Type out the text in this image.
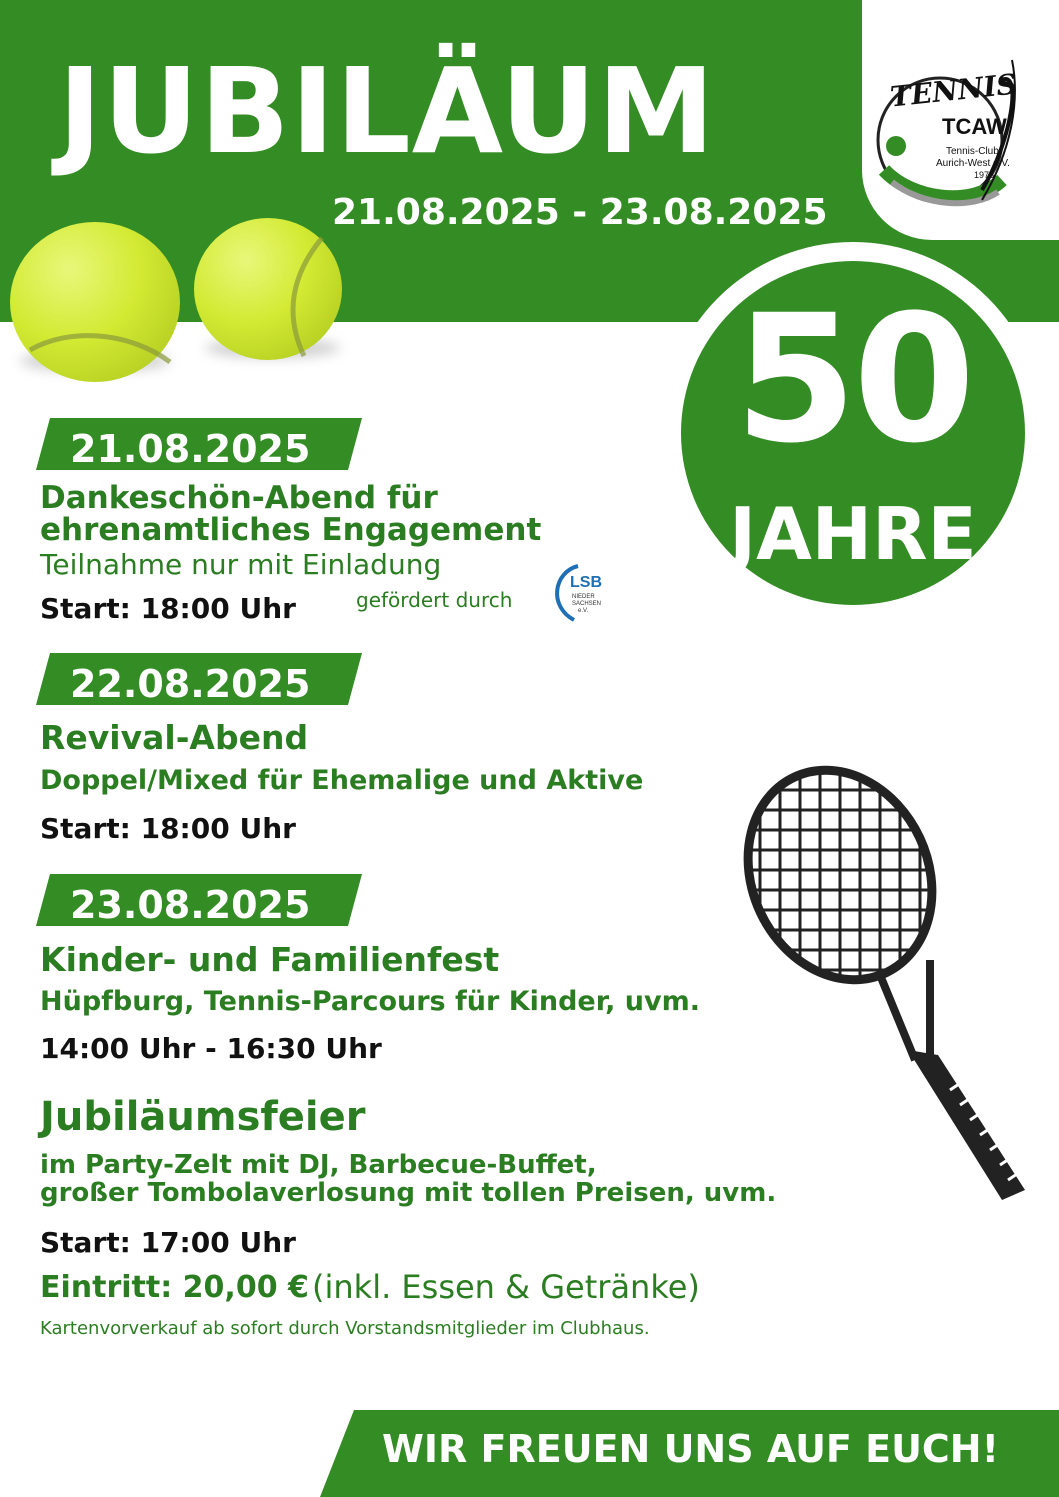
JUBILÄUM
21.08.2025 - 23.08.2025
TENNIS
TCAW
Tennis-Club
Aurich-West e.V.
1975
50
JAHRE
21.08.2025
Dankeschön-Abend für
ehrenamtliches Engagement
Teilnahme nur mit Einladung
Start: 18:00 Uhr	gefördert durch
LSB
NIEDER
SACHSEN
e.V.
22.08.2025
Revival-Abend
Doppel/Mixed für Ehemalige und Aktive
Start: 18:00 Uhr
23.08.2025
Kinder- und Familienfest
Hüpfburg, Tennis-Parcours für Kinder, uvm.
14:00 Uhr - 16:30 Uhr
Jubiläumsfeier
im Party-Zelt mit DJ, Barbecue-Buffet,
großer Tombolaverlosung mit tollen Preisen, uvm.
Start: 17:00 Uhr
Eintritt: 20,00 € (inkl. Essen & Getränke)
Kartenvorverkauf ab sofort durch Vorstandsmitglieder im Clubhaus.
WIR FREUEN UNS AUF EUCH!
